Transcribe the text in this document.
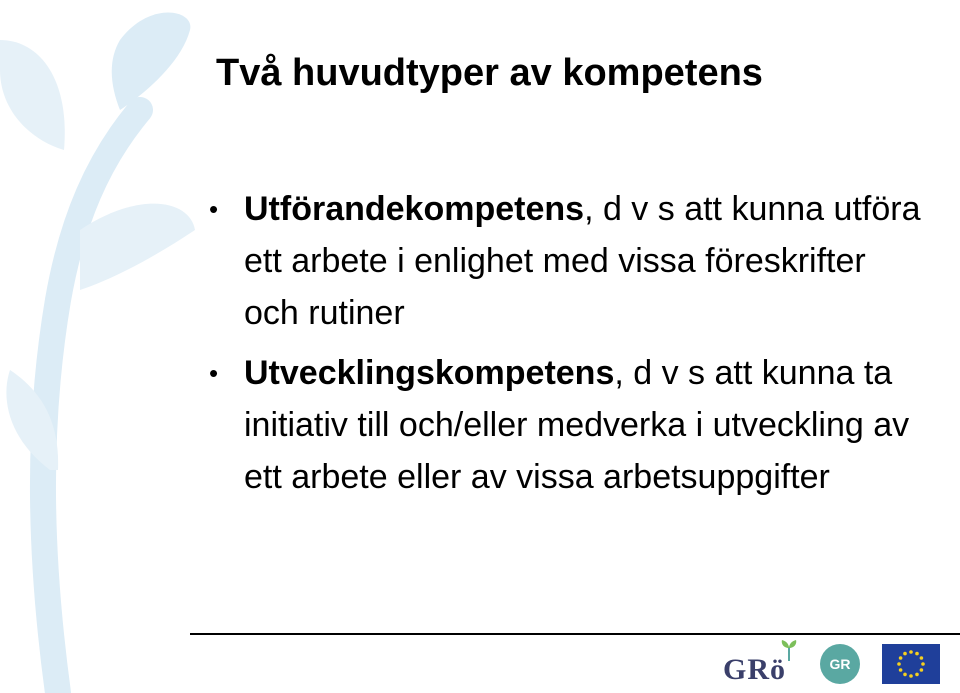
Två huvudtyper av kompetens
• Utförandekompetens, d v s att kunna utföra ett arbete i enlighet med vissa föreskrifter och rutiner
• Utvecklingskompetens, d v s att kunna ta initiativ till och/eller medverka i utveckling av ett arbete eller av vissa arbetsuppgifter
GRö	GR
